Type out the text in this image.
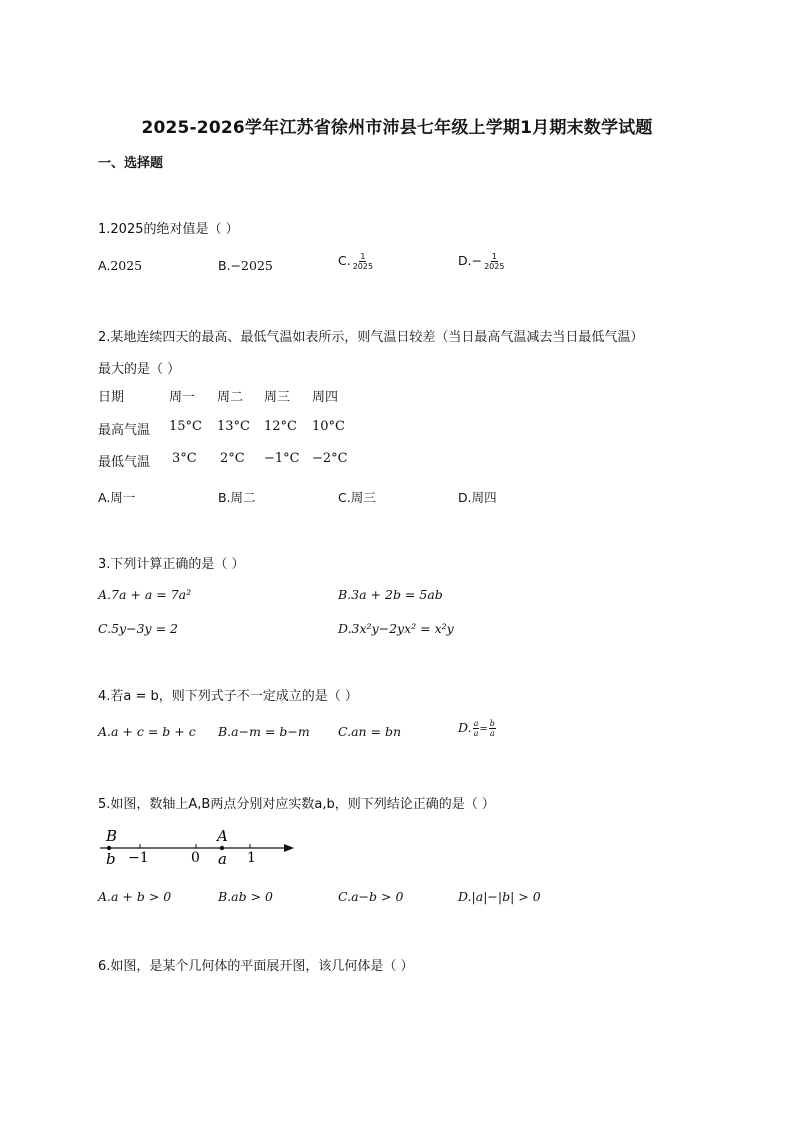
2025-2026学年江苏省徐州市沛县七年级上学期1月期末数学试题
一、选择题
1.2025的绝对值是（ ）
A.2025	B.−2025	C. $\frac{1}{2025}$	$D.- \frac{1}{2025}$
2.某地连续四天的最高、最低气温如表所示，则气温日较差（当日最高气温减去当日最低气温）
最大的是（ ）
日期	周一 周二 周三 周四
最高气温 15°C 13°C 12°C 10°C
最低气温 3°C 2°C −1°C −2°C
A.周一	B.周二	C.周三	D.周四
3.下列计算正确的是（ ）
A.7a + a = 7a²	B.3a + 2b = 5ab
C.5y−3y = 2	D.3x²y−2yx² = x²y
4.若a = b，则下列式子不一定成立的是（ ）
A.a + c = b + c B.a−m = b−m C.an = bn	D. $\frac{a}{a} = \frac{b}{a}$
5.如图，数轴上A,B两点分别对应实数a,b，则下列结论正确的是（ ）
B	A
b −1	0 a 1
A.a + b > 0	B.ab > 0	C.a−b > 0	D.|a|−|b| > 0
6.如图，是某个几何体的平面展开图，该几何体是（ ）
